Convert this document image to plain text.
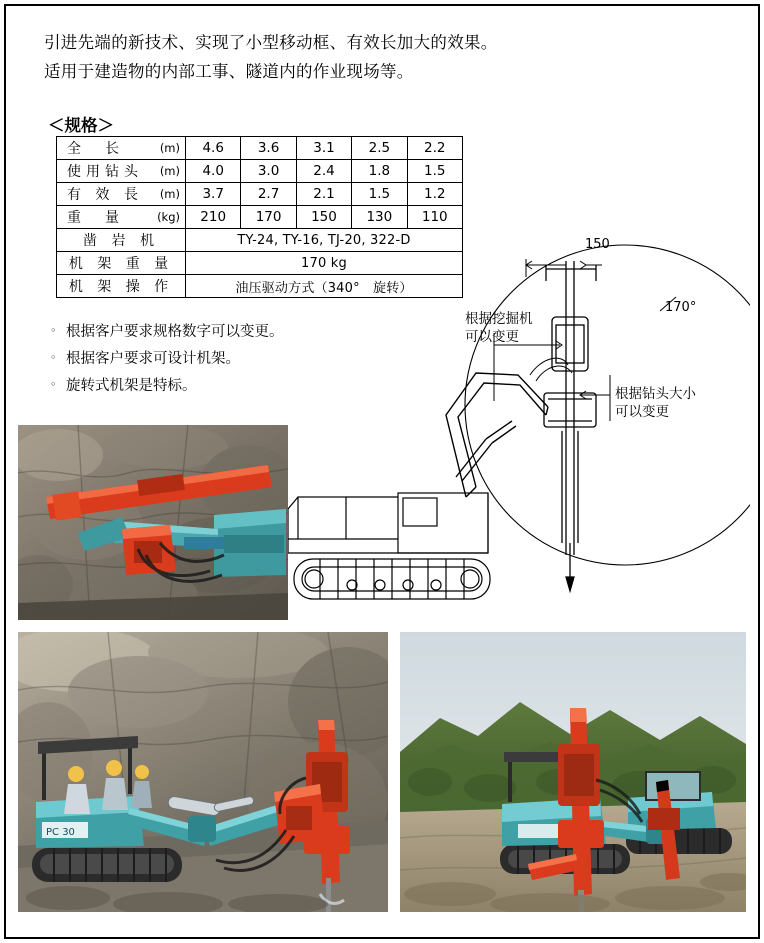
引进先端的新技术、实现了小型移动框、有效长加大的效果。
适用于建造物的内部工事、隧道内的作业现场等。
＜规格＞
全　长 (m)	4.6	3.6	3.1	2.5	2.2

使用钻头 (m)	4.0	3.0	2.4	1.8	1.5

有 效 長 (m)	3.7	2.7	2.1	1.5	1.2

重　量 (kg)	210	170	150	130	110

凿 岩 机	TY-24, TY-16, TJ-20, 322-D				

机 架 重 量	170 kg				

机 架 操 作	油压驱动方式（340°　旋转）				
◦ 根据客户要求规格数字可以变更。
◦ 根据客户要求可设计机架。
◦ 旋转式机架是特标。
150
170°
根据挖掘机
可以变更
根据钻头大小
可以变更
PC 30
